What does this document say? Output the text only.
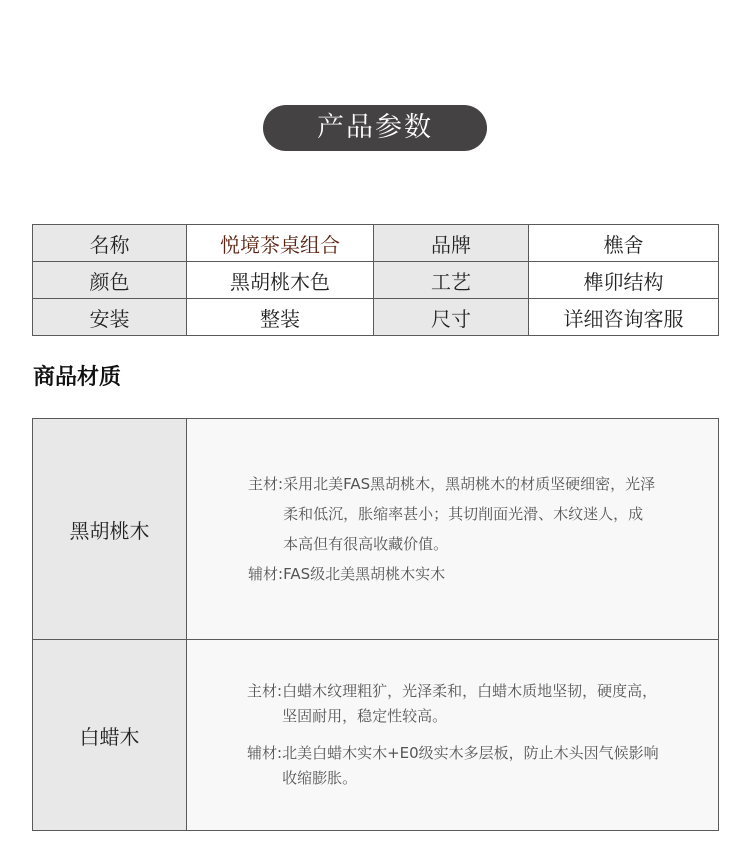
产品参数
名称	悦境茶桌组合	品牌	樵舍
颜色	黑胡桃木色	工艺	榫卯结构
安装	整装	尺寸	详细咨询客服
商品材质
黑胡桃木	主材: 采用北美FAS黑胡桃木，黑胡桃木的材质坚硬细密，光泽柔和低沉，胀缩率甚小；其切削面光滑、木纹迷人，成本高但有很高收藏价值。
辅材: FAS级北美黑胡桃木实木

白蜡木	主材: 白蜡木纹理粗犷，光泽柔和，白蜡木质地坚韧，硬度高，坚固耐用，稳定性较高。
辅材: 北美白蜡木实木+E0级实木多层板，防止木头因气候影响收缩膨胀。
